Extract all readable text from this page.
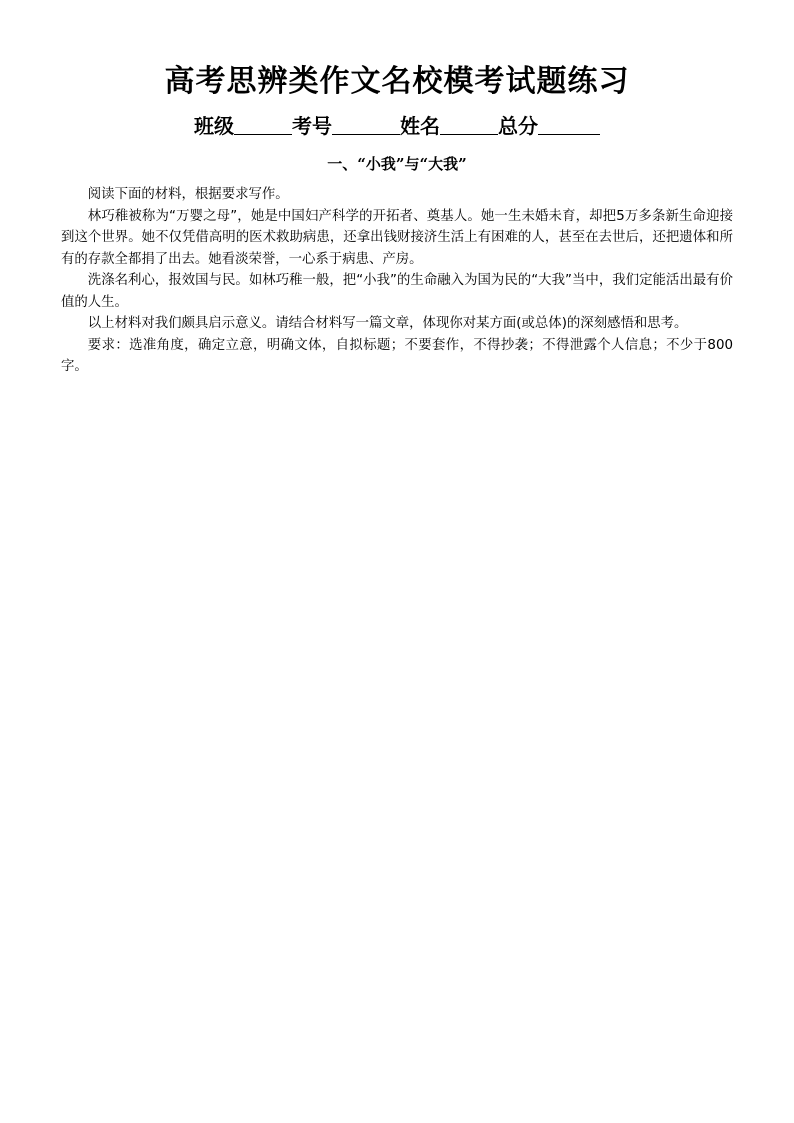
高考思辨类作文名校模考试题练习
班级	考号	姓名	总分
一、“小我”与“大我”

阅读下面的材料，根据要求写作。

林巧稚被称为“万婴之母”，她是中国妇产科学的开拓者、奠基人。她一生未婚未育，却把5万多条新生命迎接到这个世界。她不仅凭借高明的医术救助病患，还拿出钱财接济生活上有困难的人，甚至在去世后，还把遗体和所有的存款全都捐了出去。她看淡荣誉，一心系于病患、产房。

洗涤名利心，报效国与民。如林巧稚一般，把“小我”的生命融入为国为民的“大我”当中，我们定能活出最有价值的人生。

以上材料对我们颇具启示意义。请结合材料写一篇文章，体现你对某方面(或总体)的深刻感悟和思考。

要求：选准角度，确定立意，明确文体，自拟标题；不要套作，不得抄袭；不得泄露个人信息；不少于800字。
